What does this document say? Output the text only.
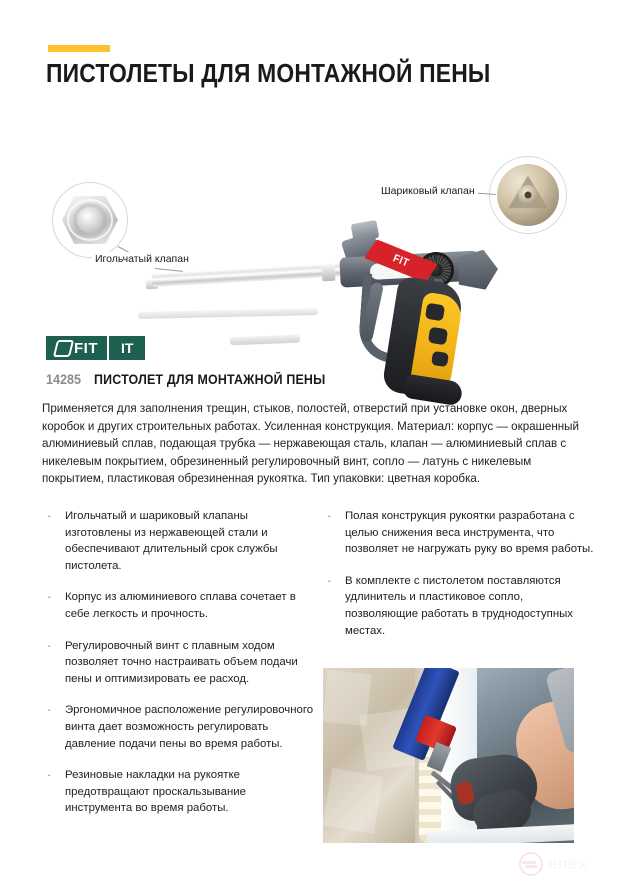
ПИСТОЛЕТЫ ДЛЯ МОНТАЖНОЙ ПЕНЫ
Игольчатый клапан
Шариковый клапан
FIT
FIT	IT
14285 ПИСТОЛЕТ ДЛЯ МОНТАЖНОЙ ПЕНЫ
Применяется для заполнения трещин, стыков, полостей, отверстий при установке окон, дверных коробок и других строительных работах. Усиленная конструкция. Материал: корпус — окрашенный алюминиевый сплав, подающая трубка — нержавеющая сталь, клапан — алюминиевый сплав с никелевым покрытием, обрезиненный регулировочный винт, сопло — латунь с никелевым покрытием, пластиковая обрезиненная рукоятка. Тип упаковки: цветная коробка.
·	Игольчатый и шариковый клапаны изготовлены из нержавеющей стали и обеспечивают длительный срок службы пистолета.
·	Корпус из алюминиевого сплава сочетает в себе легкость и прочность.
·	Регулировочный винт с плавным ходом позволяет точно настраивать объем подачи пены и оптимизировать ее расход.
·	Эргономичное расположение регулировочного винта дает возможность регулировать давление подачи пены во время работы.
·	Резиновые накладки на рукоятке предотвращают проскальзывание инструмента во время работы.
·	Полая конструкция рукоятки разработана с целью снижения веса инструмента, что позволяет не нагружать руку во время работы.
·	В комплекте с пистолетом поставляются удлинитель и пластиковое сопло, позволяющие работать в труднодоступных местах.
enex
